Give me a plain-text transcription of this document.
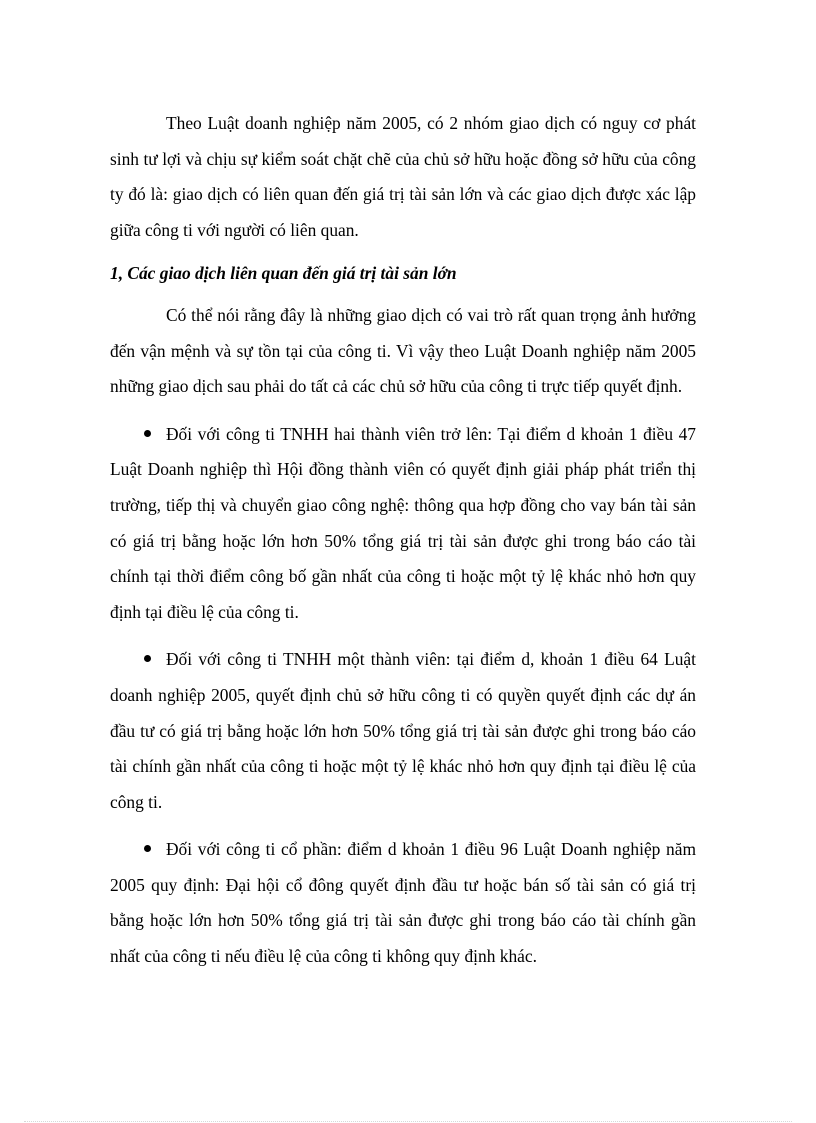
Theo Luật doanh nghiệp năm 2005, có 2 nhóm giao dịch có nguy cơ phát sinh tư lợi và chịu sự kiểm soát chặt chẽ của chủ sở hữu hoặc đồng sở hữu của công ty đó là: giao dịch có liên quan đến giá trị tài sản lớn và các giao dịch được xác lập giữa công ti với người có liên quan.

1, Các giao dịch liên quan đến giá trị tài sản lớn

Có thể nói rằng đây là những giao dịch có vai trò rất quan trọng ảnh hưởng đến vận mệnh và sự tồn tại của công ti. Vì vậy theo Luật Doanh nghiệp năm 2005 những giao dịch sau phải do tất cả các chủ sở hữu của công ti trực tiếp quyết định.

Đối với công ti TNHH hai thành viên trở lên: Tại điểm d khoản 1 điều 47 Luật Doanh nghiệp thì Hội đồng thành viên có quyết định giải pháp phát triển thị trường, tiếp thị và chuyển giao công nghệ: thông qua hợp đồng cho vay bán tài sản có giá trị bằng hoặc lớn hơn 50% tổng giá trị tài sản được ghi trong báo cáo tài chính tại thời điểm công bố gần nhất của công ti hoặc một tỷ lệ khác nhỏ hơn quy định tại điều lệ của công ti.

Đối với công ti TNHH một thành viên: tại điểm d, khoản 1 điều 64 Luật doanh nghiệp 2005, quyết định chủ sở hữu công ti có quyền quyết định các dự án đầu tư có giá trị bằng hoặc lớn hơn 50% tổng giá trị tài sản được ghi trong báo cáo tài chính gần nhất của công ti hoặc một tỷ lệ khác nhỏ hơn quy định tại điều lệ của công ti.

Đối với công ti cổ phần: điểm d khoản 1 điều 96 Luật Doanh nghiệp năm 2005 quy định: Đại hội cổ đông quyết định đầu tư hoặc bán số tài sản có giá trị bằng hoặc lớn hơn 50% tổng giá trị tài sản được ghi trong báo cáo tài chính gần nhất của công ti nếu điều lệ của công ti không quy định khác.
